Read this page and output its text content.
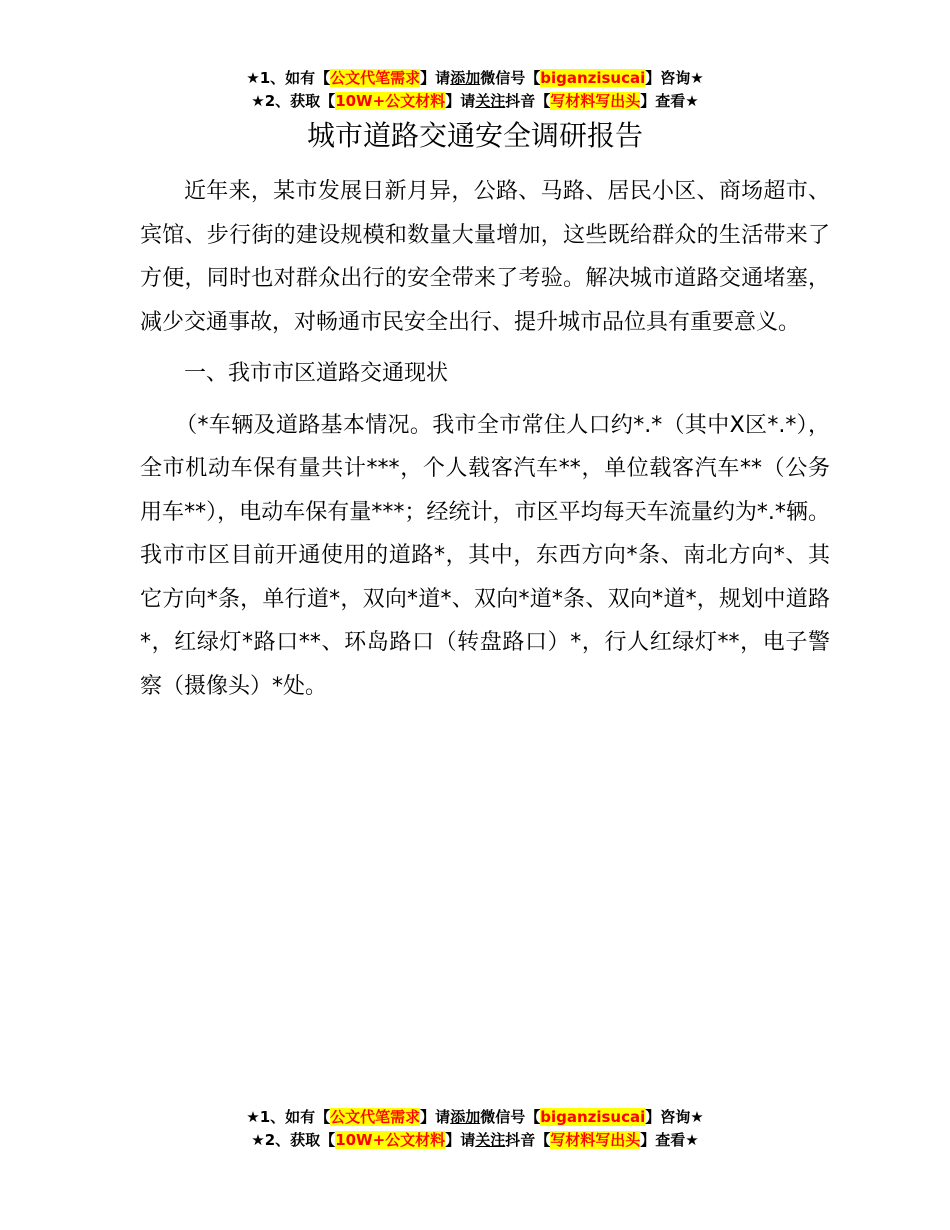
★1、如有【公文代笔需求】请添加微信号【biganzisucai】咨询★
★2、获取【10W+公文材料】请关注抖音【写材料写出头】查看★
城市道路交通安全调研报告

近年来，某市发展日新月异，公路、马路、居民小区、商场超市、宾馆、步行街的建设规模和数量大量增加，这些既给群众的生活带来了方便，同时也对群众出行的安全带来了考验。解决城市道路交通堵塞，减少交通事故，对畅通市民安全出行、提升城市品位具有重要意义。

一、我市市区道路交通现状

（*车辆及道路基本情况。我市全市常住人口约*.*（其中X区*.*），全市机动车保有量共计***，个人载客汽车**，单位载客汽车**（公务用车**），电动车保有量***；经统计，市区平均每天车流量约为*.*辆。我市市区目前开通使用的道路*，其中，东西方向*条、南北方向*、其它方向*条，单行道*，双向*道*、双向*道*条、双向*道*，规划中道路*，红绿灯*路口**、环岛路口（转盘路口）*，行人红绿灯**，电子警察（摄像头）*处。

★1、如有【公文代笔需求】请添加微信号【biganzisucai】咨询★
★2、获取【10W+公文材料】请关注抖音【写材料写出头】查看★
